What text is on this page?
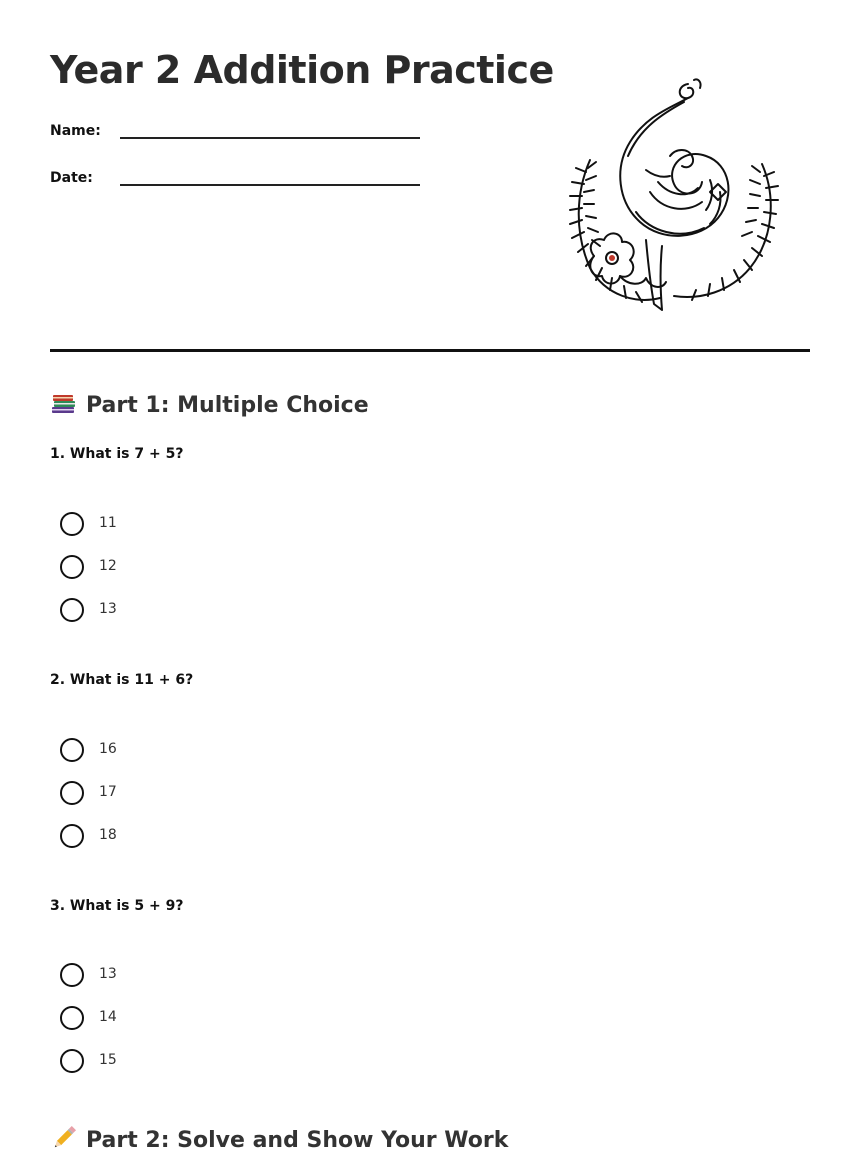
Year 2 Addition Practice
Name:
Date:
Part 1: Multiple Choice
1. What is 7 + 5?
11
12
13
2. What is 11 + 6?
16
17
18
3. What is 5 + 9?
13
14
15
Part 2: Solve and Show Your Work
